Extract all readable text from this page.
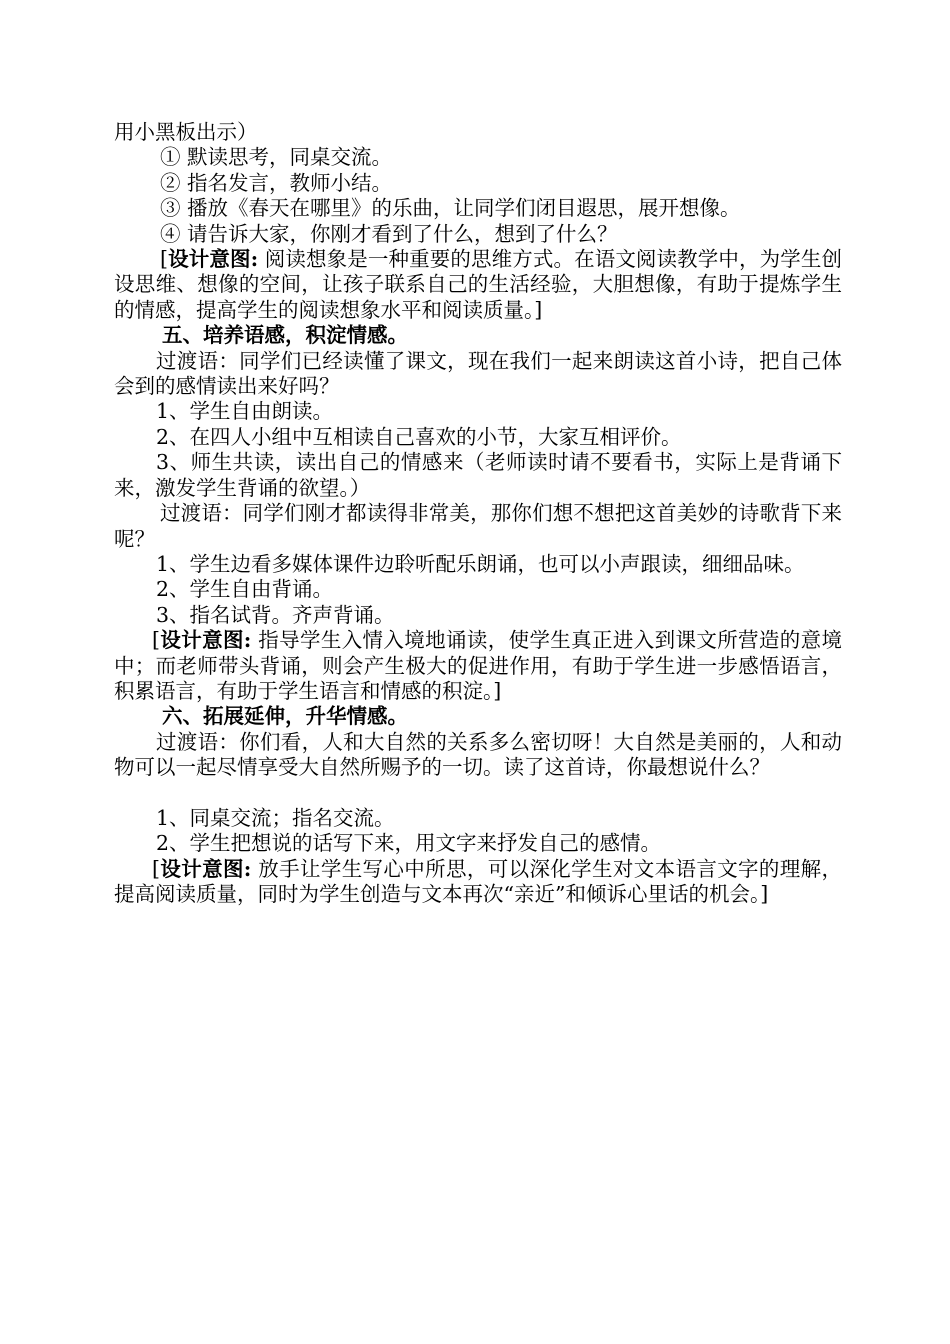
用小黑板出示）

① 默读思考，同桌交流。

② 指名发言，教师小结。

③ 播放《春天在哪里》的乐曲，让同学们闭目遐思，展开想像。

④ 请告诉大家，你刚才看到了什么，想到了什么？

[设计意图: 阅读想象是一种重要的思维方式。在语文阅读教学中，为学生创设思维、想像的空间，让孩子联系自己的生活经验，大胆想像，有助于提炼学生的情感，提高学生的阅读想象水平和阅读质量。]

五、培养语感，积淀情感。

过渡语：同学们已经读懂了课文，现在我们一起来朗读这首小诗，把自己体会到的感情读出来好吗？

1、学生自由朗读。

2、在四人小组中互相读自己喜欢的小节，大家互相评价。

3、师生共读，读出自己的情感来（老师读时请不要看书，实际上是背诵下来，激发学生背诵的欲望。）

过渡语：同学们刚才都读得非常美，那你们想不想把这首美妙的诗歌背下来呢？

1、学生边看多媒体课件边聆听配乐朗诵，也可以小声跟读，细细品味。

2、学生自由背诵。

3、指名试背。齐声背诵。

[设计意图: 指导学生入情入境地诵读，使学生真正进入到课文所营造的意境中；而老师带头背诵，则会产生极大的促进作用，有助于学生进一步感悟语言，积累语言，有助于学生语言和情感的积淀。]

六、拓展延伸，升华情感。

过渡语：你们看，人和大自然的关系多么密切呀！大自然是美丽的，人和动物可以一起尽情享受大自然所赐予的一切。读了这首诗，你最想说什么？

1、同桌交流；指名交流。

2、学生把想说的话写下来，用文字来抒发自己的感情。

[设计意图: 放手让学生写心中所思，可以深化学生对文本语言文字的理解，提高阅读质量，同时为学生创造与文本再次“亲近”和倾诉心里话的机会。]
